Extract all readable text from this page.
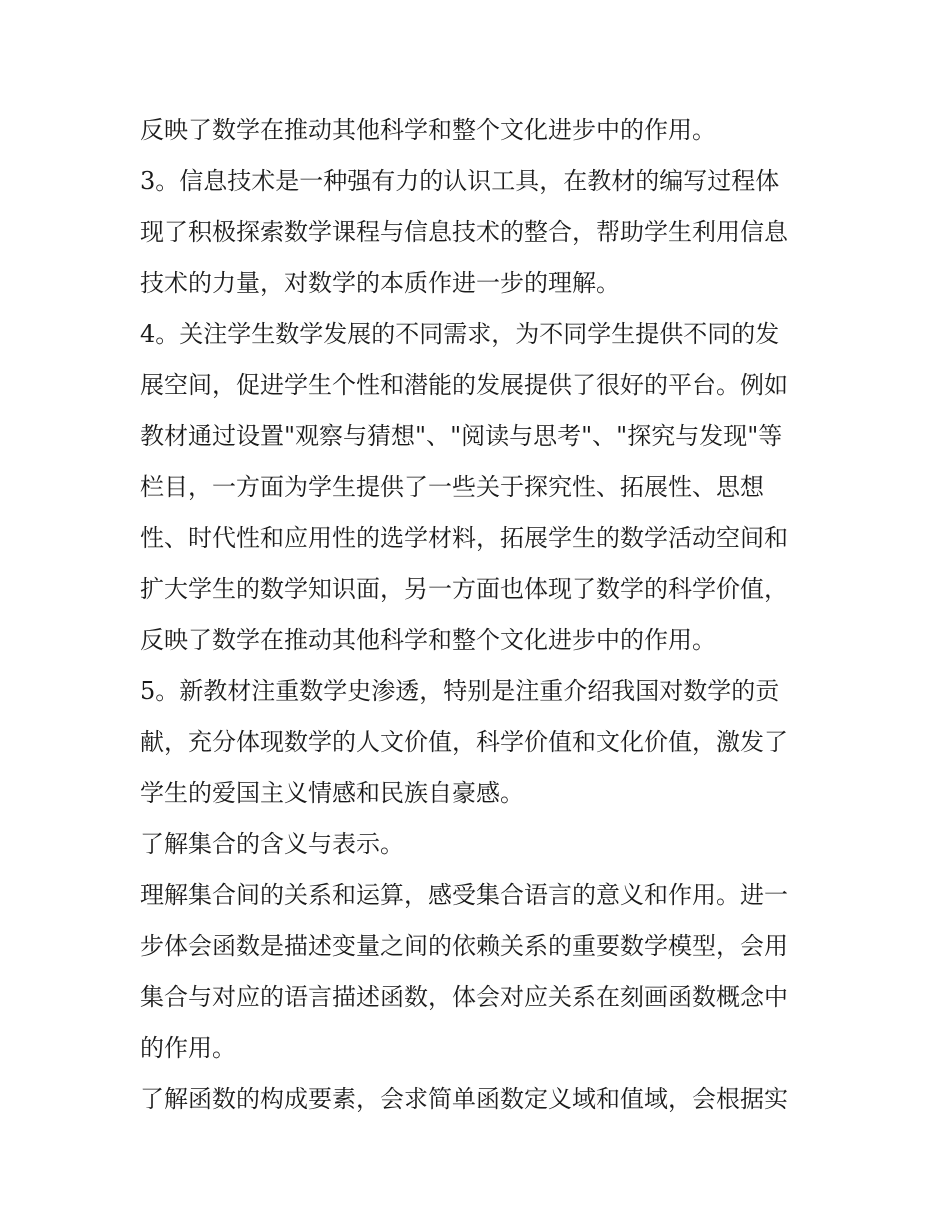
反映了数学在推动其他科学和整个文化进步中的作用。
3。信息技术是一种强有力的认识工具，在教材的编写过程体
现了积极探索数学课程与信息技术的整合，帮助学生利用信息
技术的力量，对数学的本质作进一步的理解。
4。关注学生数学发展的不同需求，为不同学生提供不同的发
展空间，促进学生个性和潜能的发展提供了很好的平台。例如
教材通过设置"观察与猜想"、"阅读与思考"、"探究与发现"等
栏目，一方面为学生提供了一些关于探究性、拓展性、思想
性、时代性和应用性的选学材料，拓展学生的数学活动空间和
扩大学生的数学知识面，另一方面也体现了数学的科学价值，
反映了数学在推动其他科学和整个文化进步中的作用。
5。新教材注重数学史渗透，特别是注重介绍我国对数学的贡
献，充分体现数学的人文价值，科学价值和文化价值，激发了
学生的爱国主义情感和民族自豪感。
了解集合的含义与表示。
理解集合间的关系和运算，感受集合语言的意义和作用。进一
步体会函数是描述变量之间的依赖关系的重要数学模型，会用
集合与对应的语言描述函数，体会对应关系在刻画函数概念中
的作用。
了解函数的构成要素，会求简单函数定义域和值域，会根据实
